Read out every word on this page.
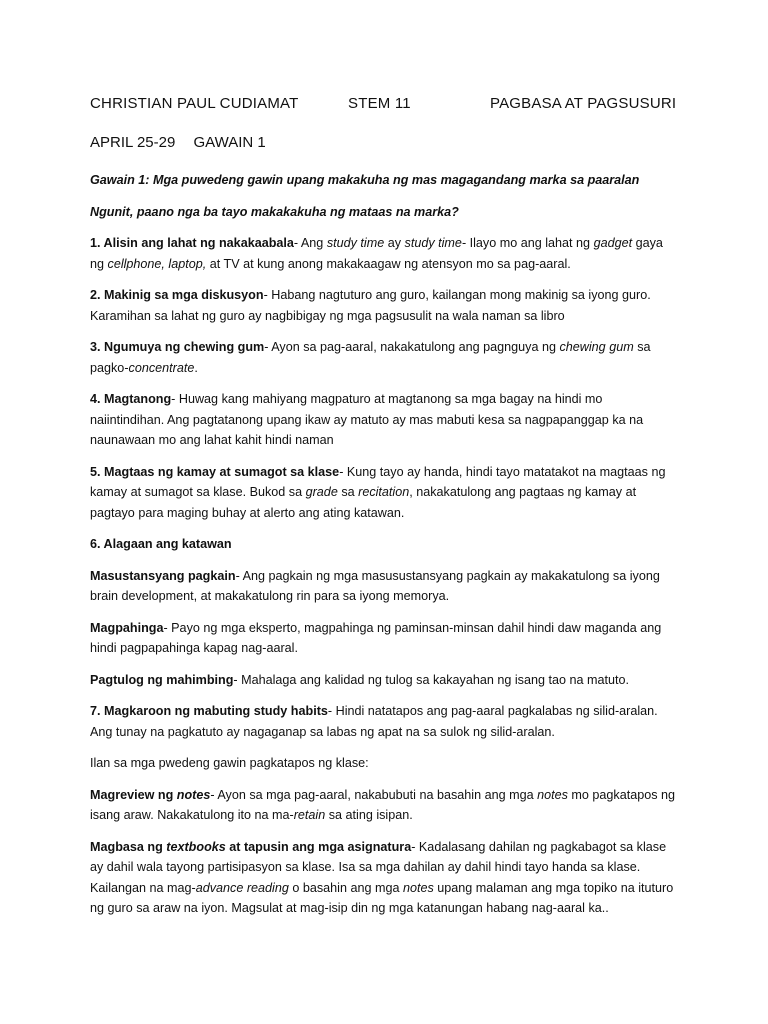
CHRISTIAN PAUL CUDIAMAT	STEM 11	PAGBASA AT PAGSUSURI
APRIL 25-29 GAWAIN 1

Gawain 1: Mga puwedeng gawin upang makakuha ng mas magagandang marka sa paaralan

Ngunit, paano nga ba tayo makakakuha ng mataas na marka?

1. Alisin ang lahat ng nakakaabala- Ang study time ay study time- Ilayo mo ang lahat ng gadget gaya ng cellphone, laptop, at TV at kung anong makakaagaw ng atensyon mo sa pag-aaral.

2. Makinig sa mga diskusyon- Habang nagtuturo ang guro, kailangan mong makinig sa iyong guro. Karamihan sa lahat ng guro ay nagbibigay ng mga pagsusulit na wala naman sa libro

3. Ngumuya ng chewing gum- Ayon sa pag-aaral, nakakatulong ang pagnguya ng chewing gum sa pagko-concentrate.

4. Magtanong- Huwag kang mahiyang magpaturo at magtanong sa mga bagay na hindi mo naiintindihan. Ang pagtatanong upang ikaw ay matuto ay mas mabuti kesa sa nagpapanggap ka na naunawaan mo ang lahat kahit hindi naman

5. Magtaas ng kamay at sumagot sa klase- Kung tayo ay handa, hindi tayo matatakot na magtaas ng kamay at sumagot sa klase. Bukod sa grade sa recitation, nakakatulong ang pagtaas ng kamay at pagtayo para maging buhay at alerto ang ating katawan.

6. Alagaan ang katawan

Masustansyang pagkain- Ang pagkain ng mga masusustansyang pagkain ay makakatulong sa iyong brain development, at makakatulong rin para sa iyong memorya.

Magpahinga- Payo ng mga eksperto, magpahinga ng paminsan-minsan dahil hindi daw maganda ang hindi pagpapahinga kapag nag-aaral.

Pagtulog ng mahimbing- Mahalaga ang kalidad ng tulog sa kakayahan ng isang tao na matuto.

7. Magkaroon ng mabuting study habits- Hindi natatapos ang pag-aaral pagkalabas ng silid-aralan. Ang tunay na pagkatuto ay nagaganap sa labas ng apat na sa sulok ng silid-aralan.

Ilan sa mga pwedeng gawin pagkatapos ng klase:

Magreview ng notes- Ayon sa mga pag-aaral, nakabubuti na basahin ang mga notes mo pagkatapos ng isang araw. Nakakatulong ito na ma-retain sa ating isipan.

Magbasa ng textbooks at tapusin ang mga asignatura- Kadalasang dahilan ng pagkabagot sa klase ay dahil wala tayong partisipasyon sa klase. Isa sa mga dahilan ay dahil hindi tayo handa sa klase. Kailangan na mag-advance reading o basahin ang mga notes upang malaman ang mga topiko na ituturo ng guro sa araw na iyon. Magsulat at mag-isip din ng mga katanungan habang nag-aaral ka..
